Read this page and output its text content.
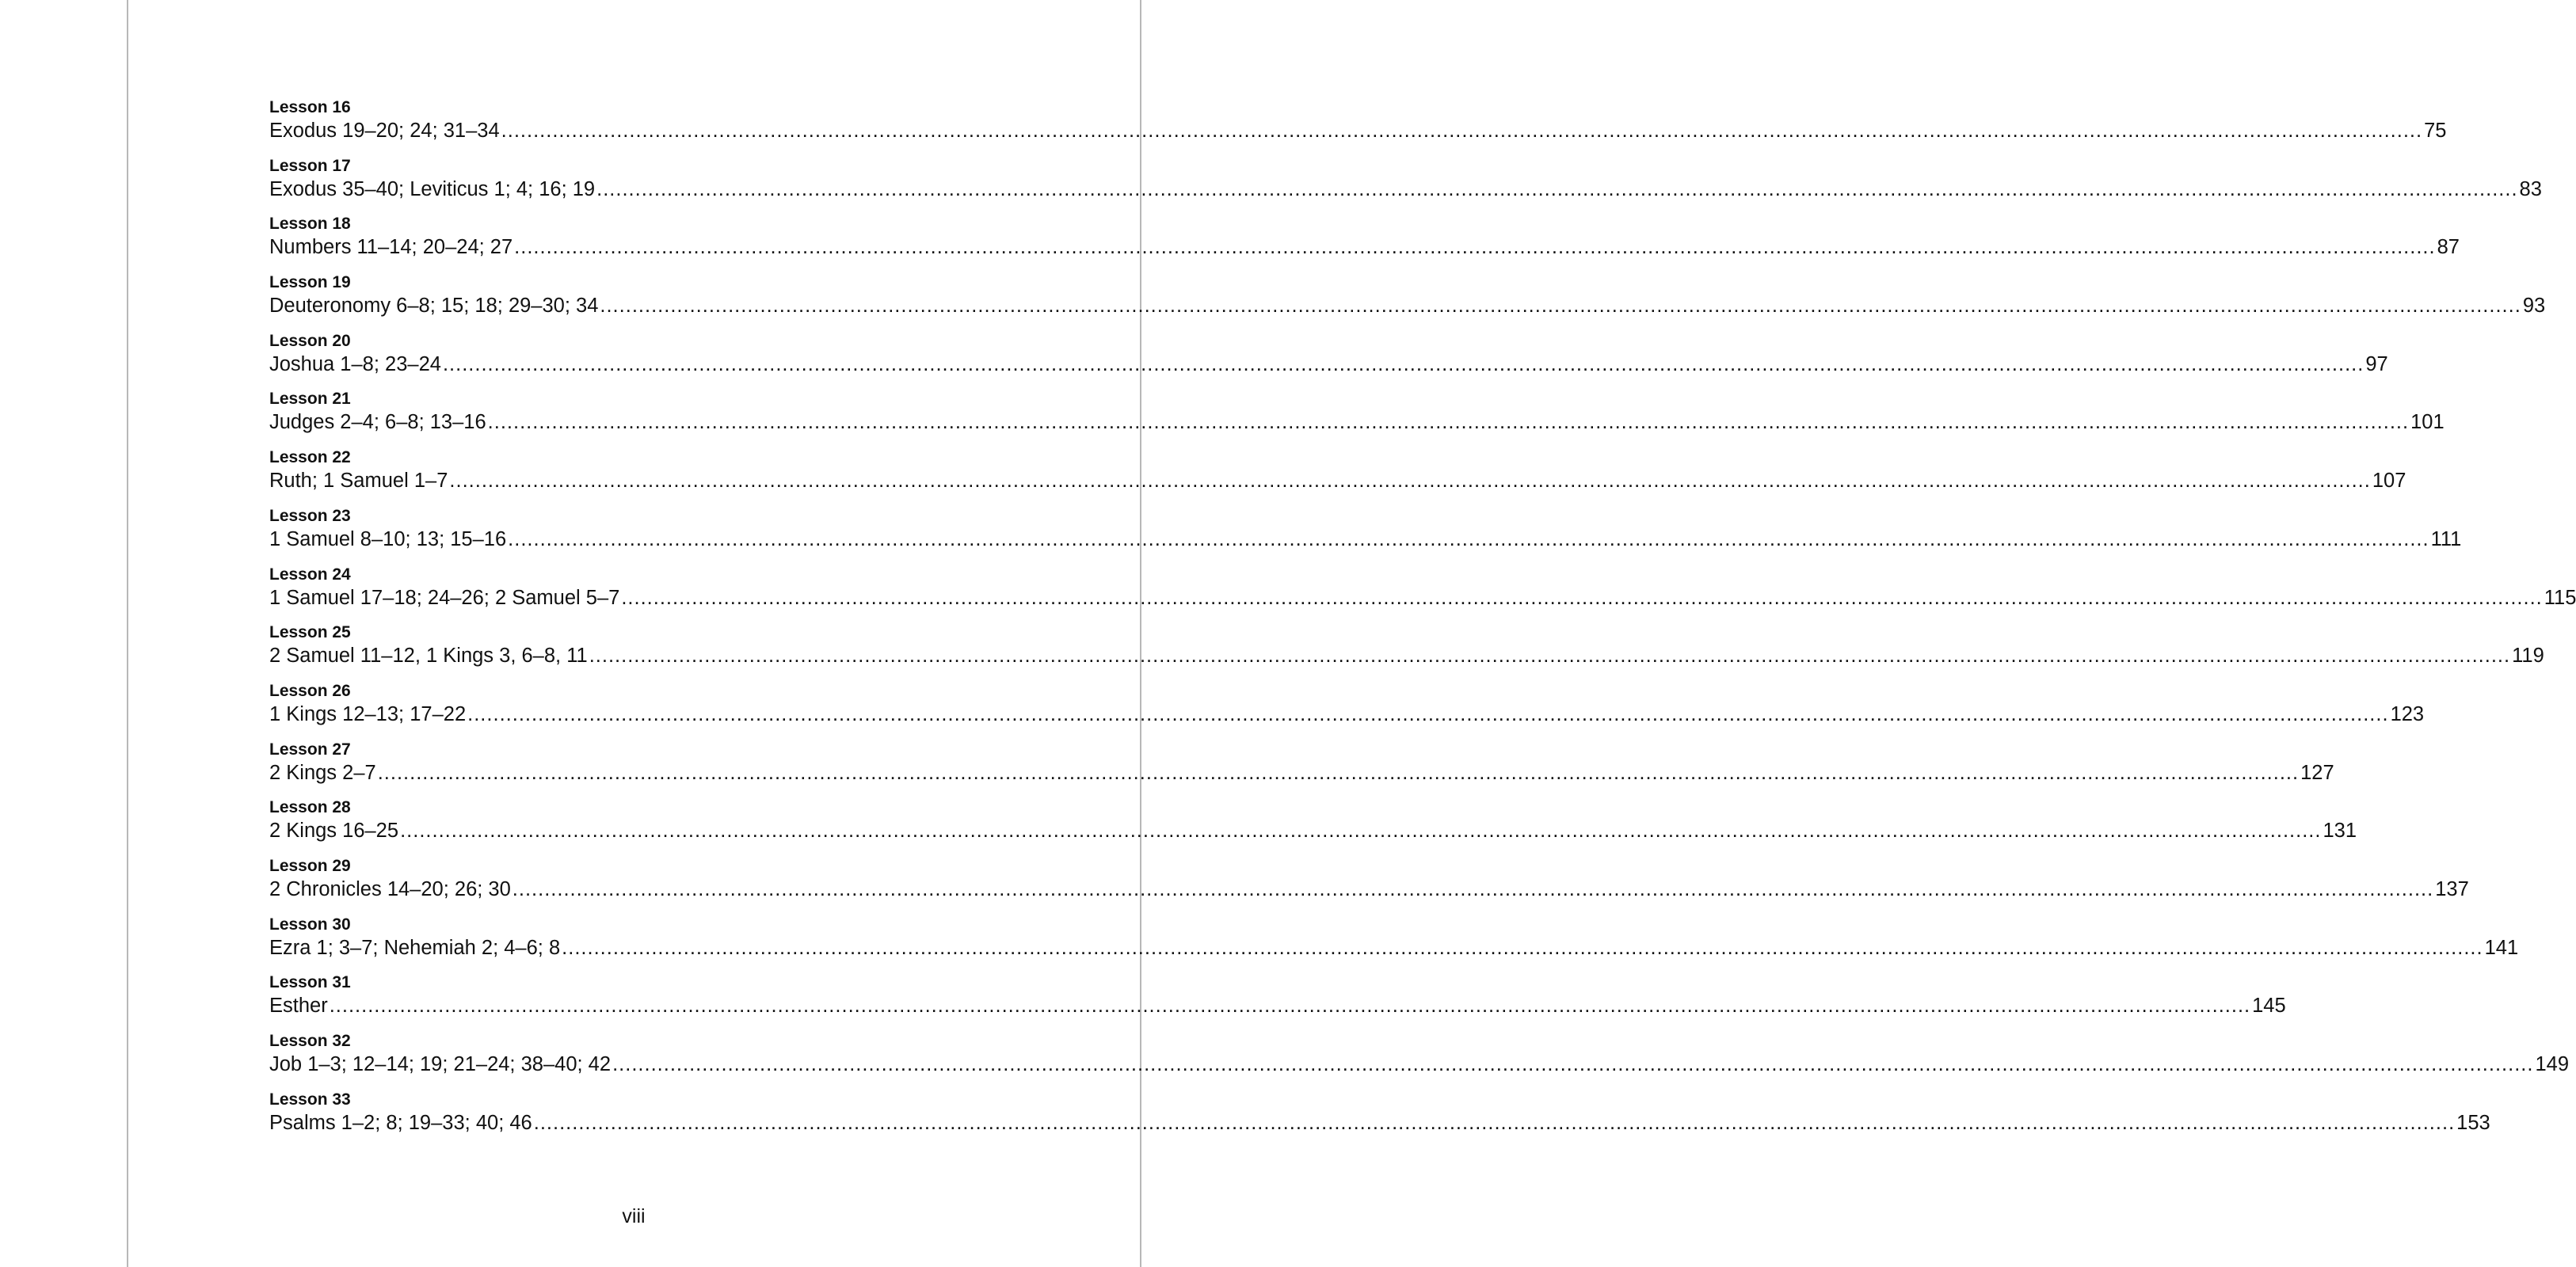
Lesson 16
Exodus 19–20; 24; 31–34 ............................................................................................................................................................................................................................................................................................................ 75
Lesson 17
Exodus 35–40; Leviticus 1; 4; 16; 19 ............................................................................................................................................................................................................................................................................................................ 83
Lesson 18
Numbers 11–14; 20–24; 27 ............................................................................................................................................................................................................................................................................................................ 87
Lesson 19
Deuteronomy 6–8; 15; 18; 29–30; 34 ............................................................................................................................................................................................................................................................................................................ 93
Lesson 20
Joshua 1–8; 23–24 ............................................................................................................................................................................................................................................................................................................ 97
Lesson 21
Judges 2–4; 6–8; 13–16 ............................................................................................................................................................................................................................................................................................................ 101
Lesson 22
Ruth; 1 Samuel 1–7 ............................................................................................................................................................................................................................................................................................................ 107
Lesson 23
1 Samuel 8–10; 13; 15–16 ............................................................................................................................................................................................................................................................................................................ 111
Lesson 24
1 Samuel 17–18; 24–26; 2 Samuel 5–7 ............................................................................................................................................................................................................................................................................................................ 115
Lesson 25
2 Samuel 11–12, 1 Kings 3, 6–8, 11 ............................................................................................................................................................................................................................................................................................................ 119
Lesson 26
1 Kings 12–13; 17–22 ............................................................................................................................................................................................................................................................................................................ 123
Lesson 27
2 Kings 2–7 ............................................................................................................................................................................................................................................................................................................ 127
Lesson 28
2 Kings 16–25 ............................................................................................................................................................................................................................................................................................................ 131
Lesson 29
2 Chronicles 14–20; 26; 30 ............................................................................................................................................................................................................................................................................................................ 137
Lesson 30
Ezra 1; 3–7; Nehemiah 2; 4–6; 8 ............................................................................................................................................................................................................................................................................................................ 141
Lesson 31
Esther ............................................................................................................................................................................................................................................................................................................ 145
Lesson 32
Job 1–3; 12–14; 19; 21–24; 38–40; 42 ............................................................................................................................................................................................................................................................................................................ 149
Lesson 33
Psalms 1–2; 8; 19–33; 40; 46 ............................................................................................................................................................................................................................................................................................................ 153
viii
